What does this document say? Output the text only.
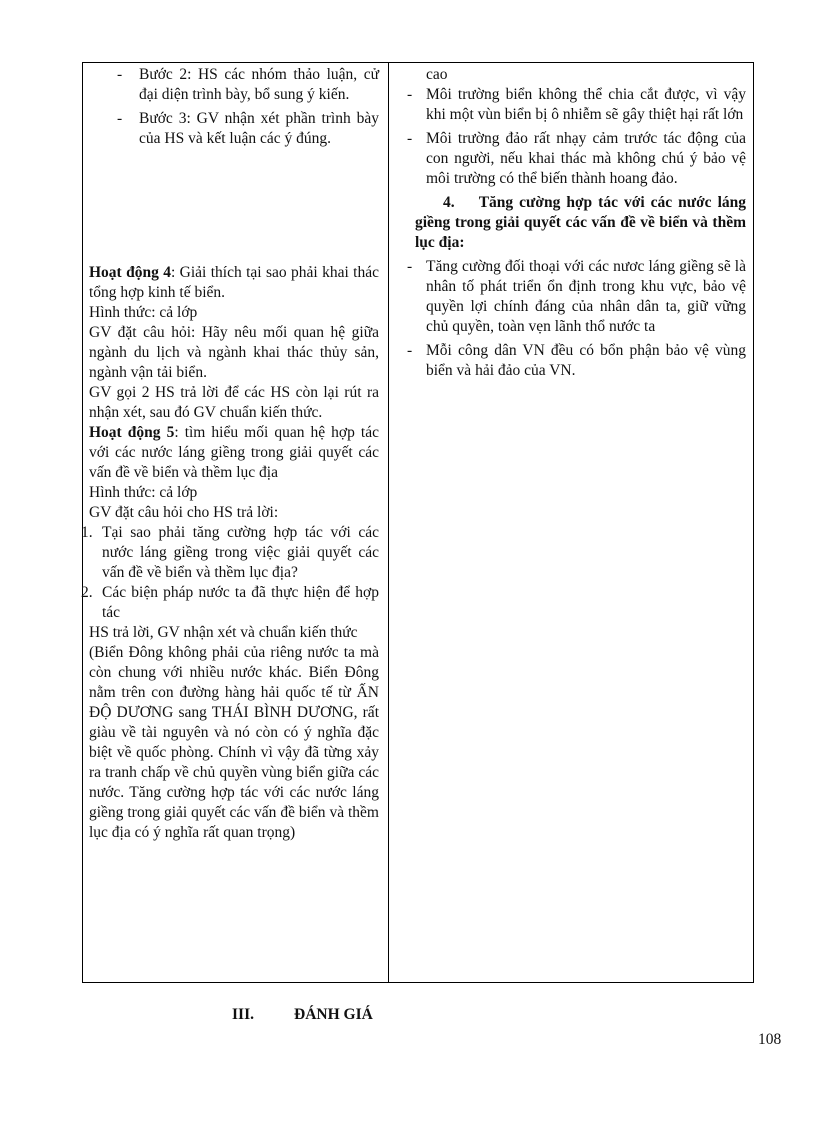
- Bước 2: HS các nhóm thảo luận, cử đại diện trình bày, bổ sung ý kiến.

- Bước 3: GV nhận xét phần trình bày của HS và kết luận các ý đúng.

Hoạt động 4: Giải thích tại sao phải khai thác tổng hợp kinh tế biển.

Hình thức: cả lớp

GV đặt câu hỏi: Hãy nêu mối quan hệ giữa ngành du lịch và ngành khai thác thủy sản, ngành vận tải biển.

GV gọi 2 HS trả lời để các HS còn lại rút ra nhận xét, sau đó GV chuẩn kiến thức.

Hoạt động 5: tìm hiểu mối quan hệ hợp tác với các nước láng giềng trong giải quyết các vấn đề về biển và thềm lục địa

Hình thức: cả lớp

GV đặt câu hỏi cho HS trả lời:

1. Tại sao phải tăng cường hợp tác với các nước láng giềng trong việc giải quyết các vấn đề về biển và thềm lục địa?

2. Các biện pháp nước ta đã thực hiện để hợp tác

HS trả lời, GV nhận xét và chuẩn kiến thức

(Biển Đông không phải của riêng nước ta mà còn chung với nhiều nước khác. Biển Đông nằm trên con đường hàng hải quốc tế từ ẤN ĐỘ DƯƠNG sang THÁI BÌNH DƯƠNG, rất giàu về tài nguyên và nó còn có ý nghĩa đặc biệt về quốc phòng. Chính vì vậy đã từng xảy ra tranh chấp về chủ quyền vùng biển giữa các nước. Tăng cường hợp tác với các nước láng giềng trong giải quyết các vấn đề biển và thềm lục địa có ý nghĩa rất quan trọng)

cao

- Môi trường biển không thể chia cắt được, vì vậy khi một vùn biển bị ô nhiễm sẽ gây thiệt hại rất lớn

- Môi trường đảo rất nhạy cảm trước tác động của con người, nếu khai thác mà không chú ý bảo vệ môi trường có thể biến thành hoang đảo.

4. Tăng cường hợp tác với các nước láng giềng trong giải quyết các vấn đề về biển và thềm lục địa:

- Tăng cường đối thoại với các nươc láng giềng sẽ là nhân tố phát triển ổn định trong khu vực, bảo vệ quyền lợi chính đáng của nhân dân ta, giữ vững chủ quyền, toàn vẹn lãnh thổ nước ta

- Mỗi công dân VN đều có bổn phận bảo vệ vùng biển và hải đảo của VN.

III.	ĐÁNH GIÁ
108
